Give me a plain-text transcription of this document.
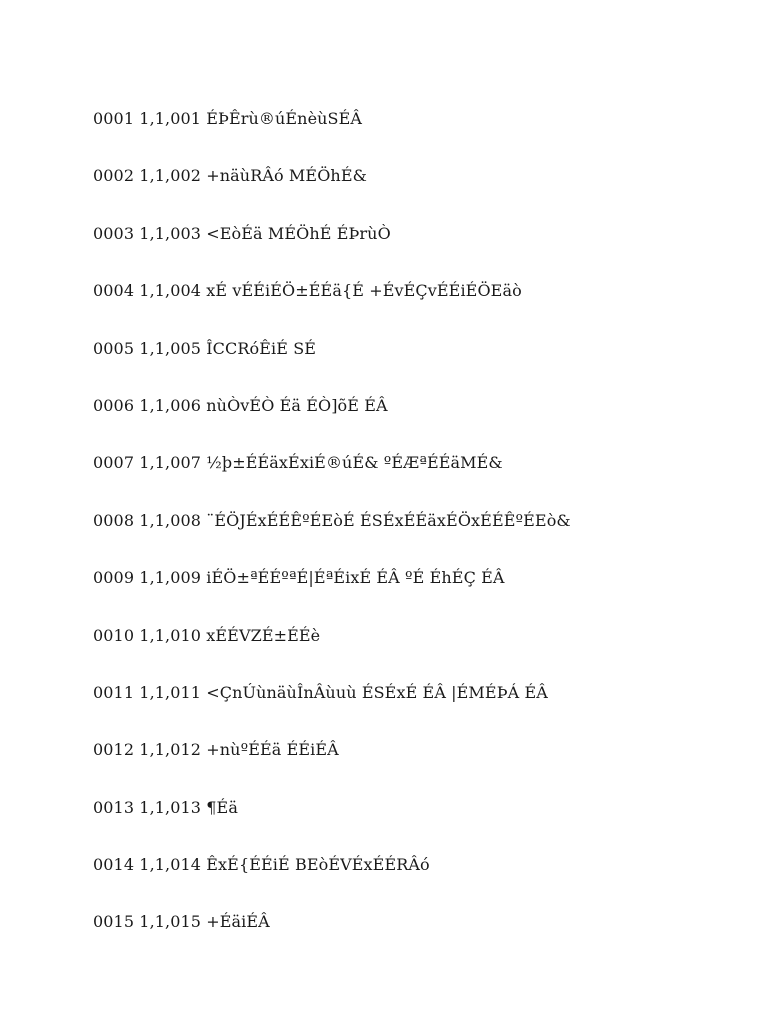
0001 1,1,001 ÉÞÊrù®úÉnèùSÉÂ
0002 1,1,002 +näùRÂó MÉÖhÉ&
0003 1,1,003 <EòÉä MÉÖhÉ ÉÞrùÒ
0004 1,1,004 xÉ vÉÉiÉÖ±ÉÉä{É +ÉvÉÇvÉÉiÉÖEäò
0005 1,1,005 ÎCCRóÊiÉ SÉ
0006 1,1,006 nùÒvÉÒ Éä ÉÒ]õÉ ÉÂ
0007 1,1,007 ½þ±ÉÉäxÉxiÉ®úÉ& ºÉÆªÉÉäMÉ&
0008 1,1,008 ¨ÉÖJÉxÉÉÊºÉEòÉ ÉSÉxÉÉäxÉÖxÉÉÊºÉEò&
0009 1,1,009 iÉÖ±ªÉÉºªÉ|ÉªÉixÉ ÉÂ ºÉ ÉhÉÇ ÉÂ
0010 1,1,010 xÉÉVZÉ±ÉÉè
0011 1,1,011 <ÇnÚùnäùÎnÂùuù ÉSÉxÉ ÉÂ |ÉMÉÞÁ ÉÂ
0012 1,1,012 +nùºÉÉä ÉÉiÉÂ
0013 1,1,013 ¶Éä
0014 1,1,014 ÊxÉ{ÉÉiÉ BEòÉVÉxÉÉRÂó
0015 1,1,015 +ÉäiÉÂ
